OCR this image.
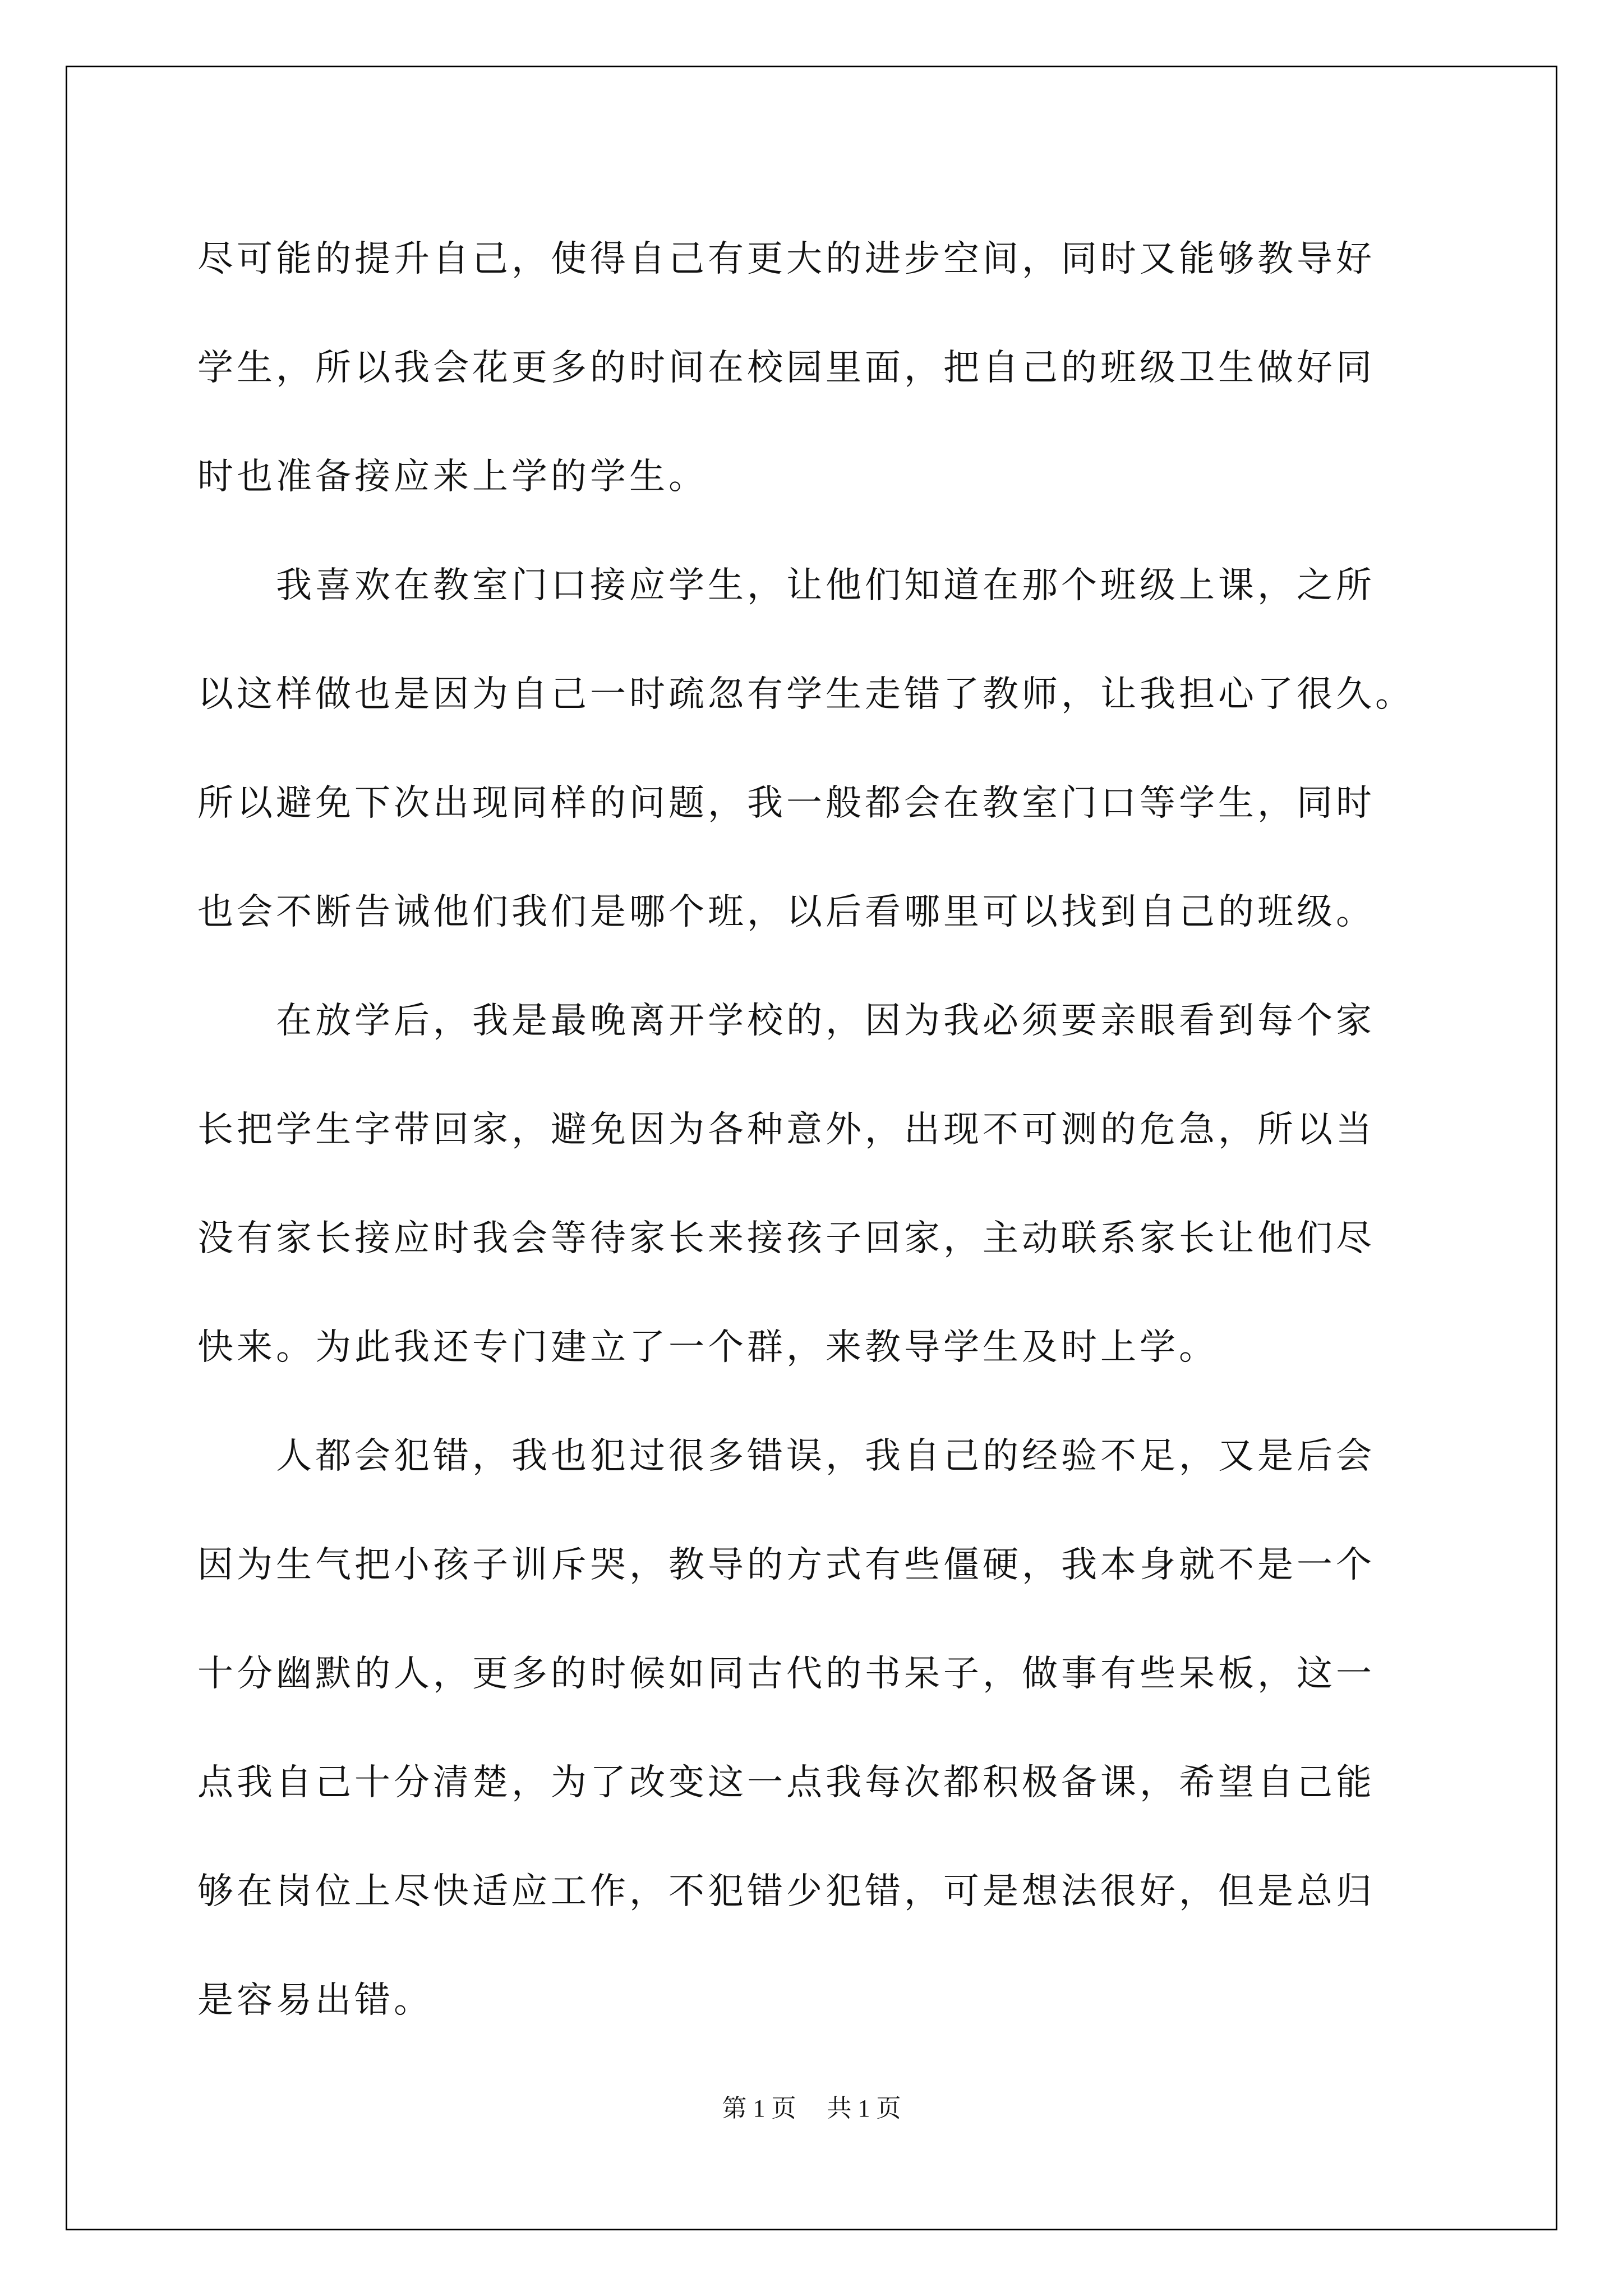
尽可能的提升自己，使得自己有更大的进步空间，同时又能够教导好
学生，所以我会花更多的时间在校园里面，把自己的班级卫生做好同
时也准备接应来上学的学生。
　　我喜欢在教室门口接应学生，让他们知道在那个班级上课，之所
以这样做也是因为自己一时疏忽有学生走错了教师，让我担心了很久。
所以避免下次出现同样的问题，我一般都会在教室门口等学生，同时
也会不断告诫他们我们是哪个班，以后看哪里可以找到自己的班级。
　　在放学后，我是最晚离开学校的，因为我必须要亲眼看到每个家
长把学生字带回家，避免因为各种意外，出现不可测的危急，所以当
没有家长接应时我会等待家长来接孩子回家，主动联系家长让他们尽
快来。为此我还专门建立了一个群，来教导学生及时上学。
　　人都会犯错，我也犯过很多错误，我自己的经验不足，又是后会
因为生气把小孩子训斥哭，教导的方式有些僵硬，我本身就不是一个
十分幽默的人，更多的时候如同古代的书呆子，做事有些呆板，这一
点我自己十分清楚，为了改变这一点我每次都积极备课，希望自己能
够在岗位上尽快适应工作，不犯错少犯错，可是想法很好，但是总归
是容易出错。
第 1 页　 共 1 页
